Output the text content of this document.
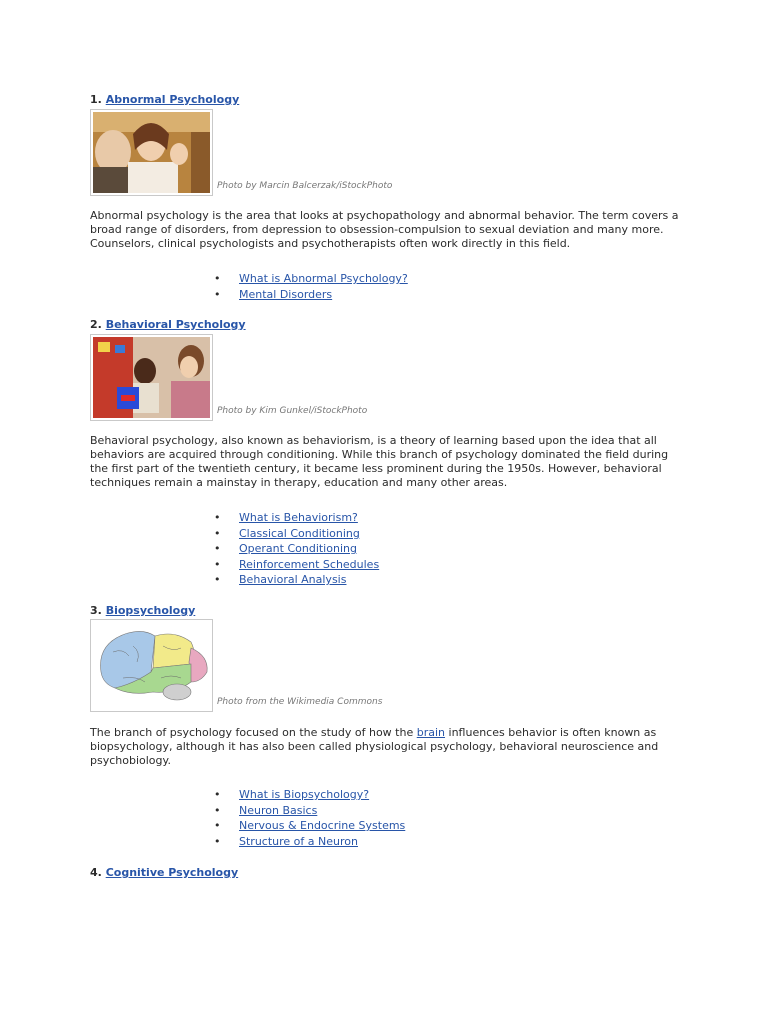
1. Abnormal Psychology
Photo by Marcin Balcerzak/iStockPhoto

Abnormal psychology is the area that looks at psychopathology and abnormal behavior. The term covers a broad range of disorders, from depression to obsession-compulsion to sexual deviation and many more. Counselors, clinical psychologists and psychotherapists often work directly in this field.

• What is Abnormal Psychology?
• Mental Disorders
2. Behavioral Psychology
Photo by Kim Gunkel/iStockPhoto

Behavioral psychology, also known as behaviorism, is a theory of learning based upon the idea that all behaviors are acquired through conditioning. While this branch of psychology dominated the field during the first part of the twentieth century, it became less prominent during the 1950s. However, behavioral techniques remain a mainstay in therapy, education and many other areas.

• What is Behaviorism?
• Classical Conditioning
• Operant Conditioning
• Reinforcement Schedules
• Behavioral Analysis
3. Biopsychology
Photo from the Wikimedia Commons

The branch of psychology focused on the study of how the brain influences behavior is often known as biopsychology, although it has also been called physiological psychology, behavioral neuroscience and psychobiology.

• What is Biopsychology?
• Neuron Basics
• Nervous & Endocrine Systems
• Structure of a Neuron
4. Cognitive Psychology
